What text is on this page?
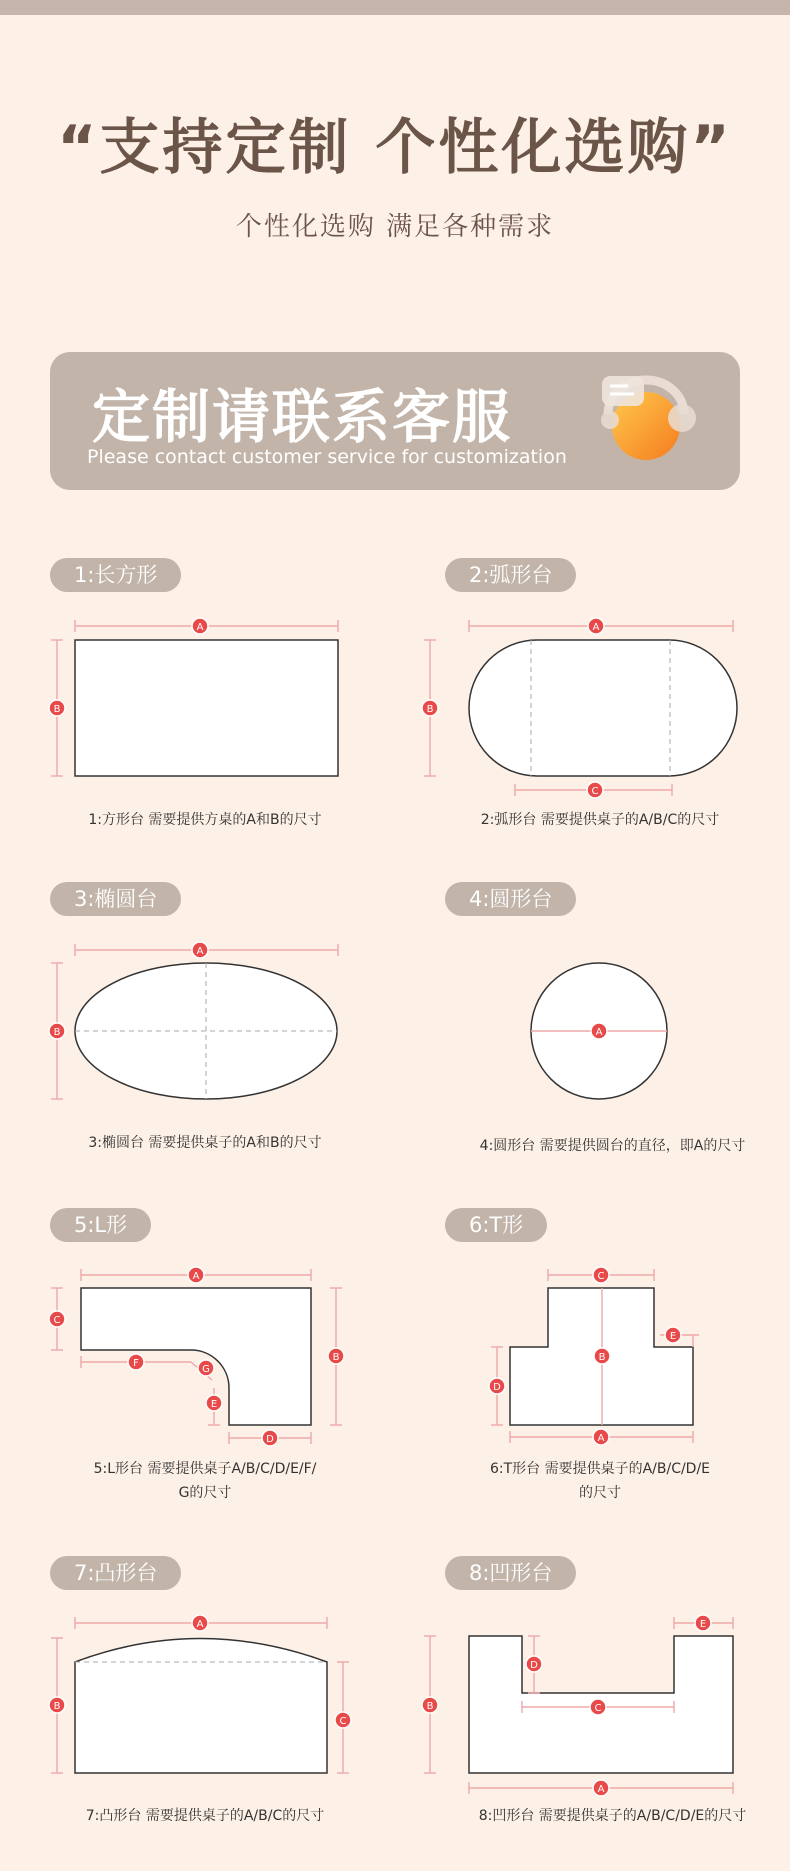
“支持定制 个性化选购”
个性化选购 满足各种需求
定制请联系客服
Please contact customer service for customization
1:长方形	2:弧形台
3:椭圆台	4:圆形台
5:L形	6:T形
7:凸形台	8:凹形台
1:方形台 需要提供方桌的A和B的尺寸	2:弧形台 需要提供桌子的A/B/C的尺寸
3:椭圆台 需要提供桌子的A和B的尺寸	4:圆形台 需要提供圆台的直径，即A的尺寸
5:L形台 需要提供桌子A/B/C/D/E/F/
G的尺寸
6:T形台 需要提供桌子的A/B/C/D/E
的尺寸
7:凸形台 需要提供桌子的A/B/C的尺寸	8:凹形台 需要提供桌子的A/B/C/D/E的尺寸
A
B
A
B
C
A
B	A
A
B
C
D
E
F
G
A
B
C
D
E
A
B
C
A
B	C
D
E
